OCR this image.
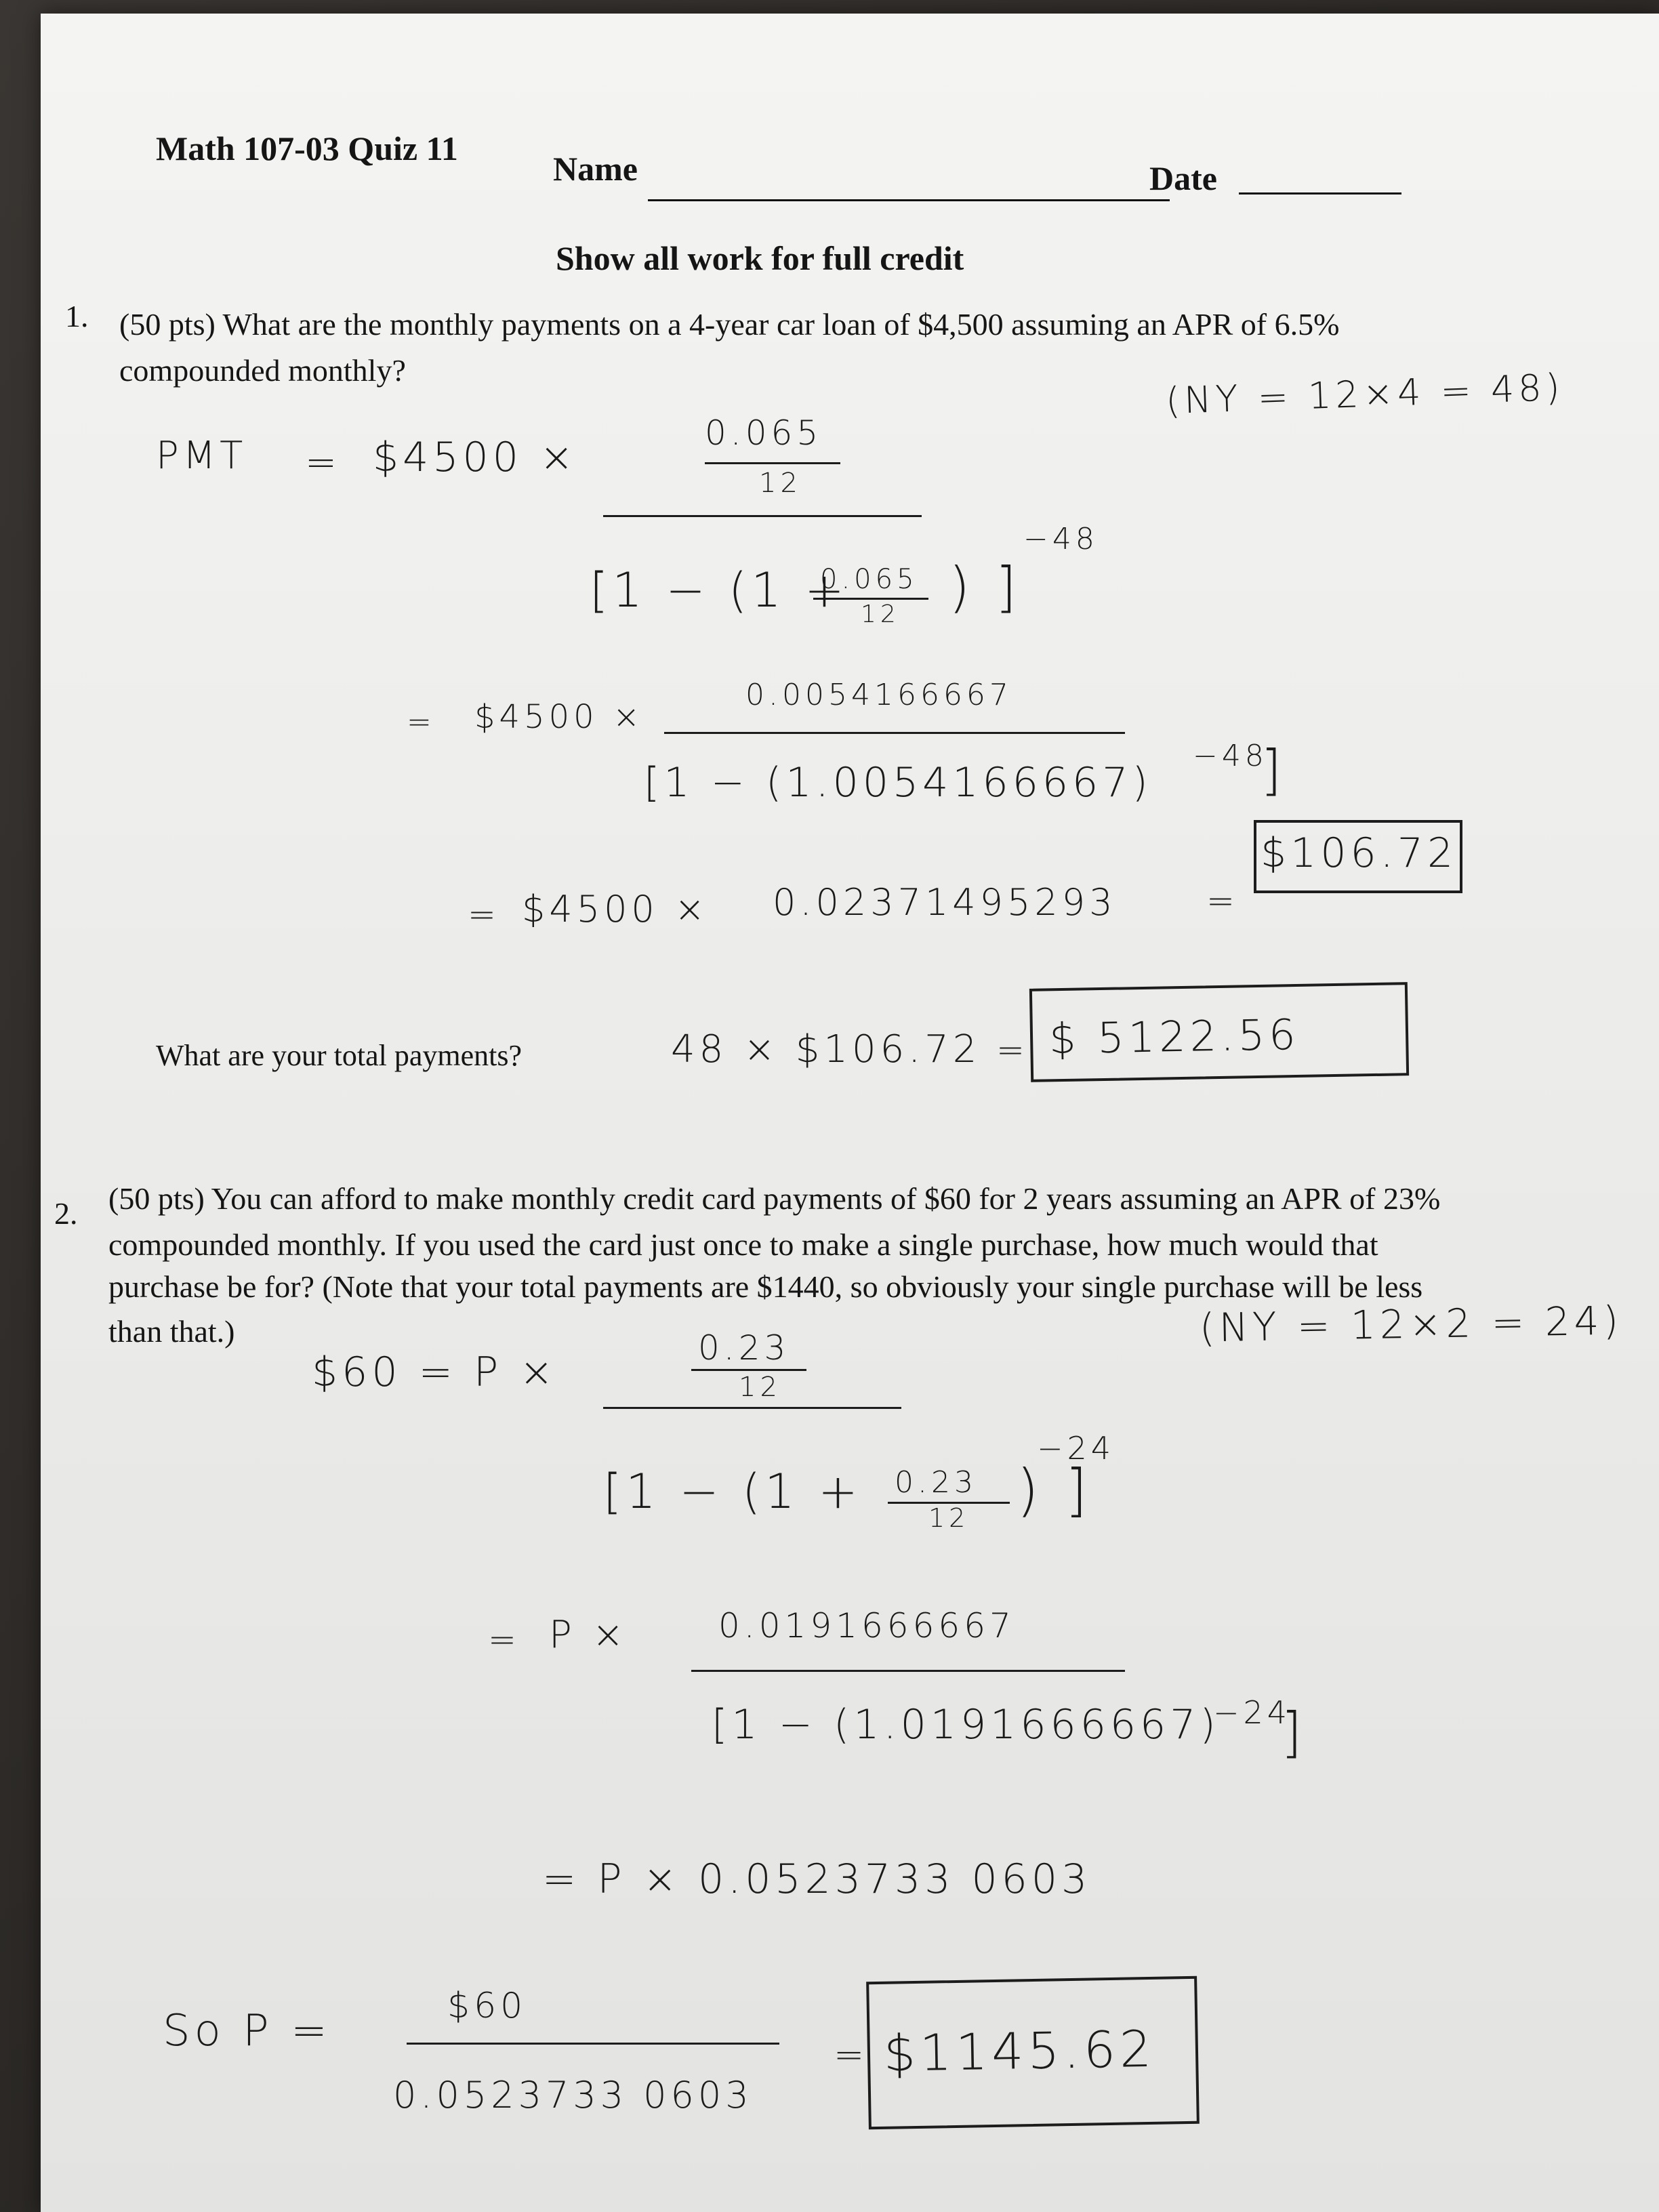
Math 107-03 Quiz 11
Name	Date
Show all work for full credit
1. (50 pts) What are the monthly payments on a 4-year car loan of $4,500 assuming an APR of 6.5%
compounded monthly?	(NY = 12×4 = 48)
PMT = $4500 ×
0.065
12
−48
[1 − (1 +
0.065
12 ) ]
= $4500 ×
0.0054166667
[1 − (1.0054166667)
−48
]
= $4500 × 0.02371495293	=
$106.72
What are your total payments?	48 × $106.72 = $ 5122.56
2. (50 pts) You can afford to make monthly credit card payments of $60 for 2 years assuming an APR of 23%
compounded monthly. If you used the card just once to make a single purchase, how much would that
purchase be for? (Note that your total payments are $1440, so obviously your single purchase will be less
than that.)	(NY = 12×2 = 24)
$60 = P ×
0.23
12
−24
[1 − (1 + 0.23
12 ) ]
= P ×	0.0191666667
[1 − (1.0191666667)
−24
]
= P × 0.0523733 0603
So P =	$60
0.0523733 0603
= $1145.62
